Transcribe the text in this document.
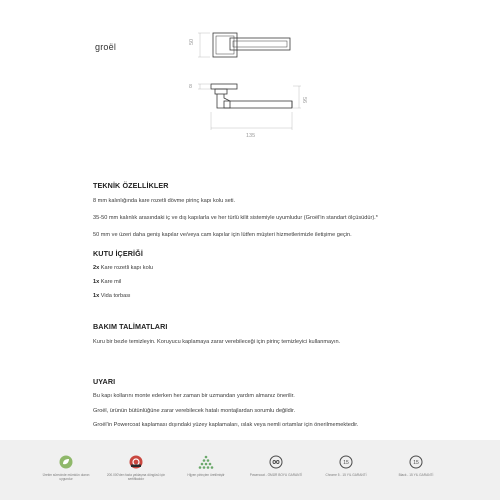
groël
50
8
56
135
TEKNİK ÖZELLİKLER
8 mm kalınlığında kare rozetli dövme pirinç kapı kolu seti.
35-50 mm kalınlık arasındaki iç ve dış kapılarla ve her türlü kilit sistemiyle uyumludur (Groël'in standart ölçüsüdür).*
50 mm ve üzeri daha geniş kapılar ve/veya cam kapılar için lütfen müşteri hizmetlerimizle iletişime geçin.
KUTU İÇERİĞİ
2x Kare rozetli kapı kolu
1x Kare mil
1x Vida torbası
BAKIM TALİMATLARI
Kuru bir bezle temizleyin. Koruyucu kaplamaya zarar verebileceği için pirinç temizleyici kullanmayın.
UYARI
Bu kapı kollarını monte ederken her zaman bir uzmandan yardım almanız önerilir.
Groël, ürünün bütünlüğüne zarar verebilecek hatalı montajlardan sorumlu değildir.
Groël'in Powercoat kaplaması dışındaki yüzey kaplamaları, ıslak veya nemli ortamlar için önerilmemektedir.
Üretim sürecinde mümkün olanın uygundur
200.000'den fazla yaklaşma döngüsü için sertifikalıdır
Hijyen pirinçten üretilmiştir	Powercoat - ÖMÜR BOYU GARANTİ
15
Chrome 5 - 15 YIL GARANTİ
15
Black - 15 YIL GARANTİ
